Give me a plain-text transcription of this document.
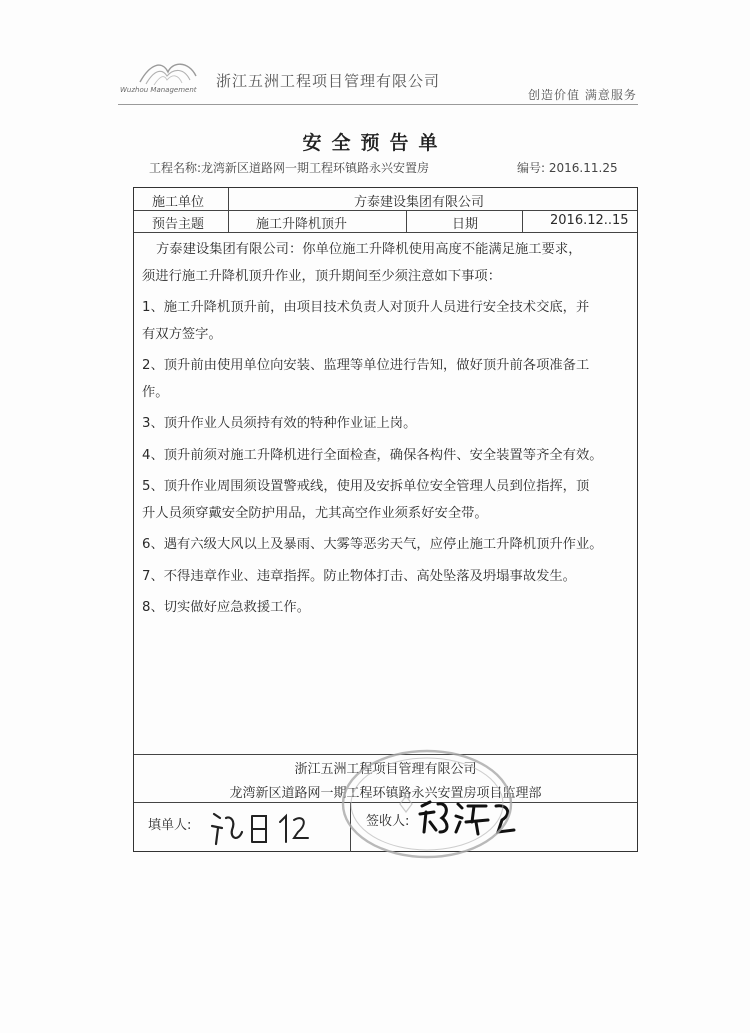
Wuzhou Management 浙江五洲工程项目管理有限公司
创造价值 满意服务
安全预告单
工程名称:龙湾新区道路网一期工程环镇路永兴安置房	编号: 2016.11.25
施工单位	方泰建设集团有限公司
预告主题	施工升降机顶升	日期	2016.12..15

方泰建设集团有限公司：你单位施工升降机使用高度不能满足施工要求，

须进行施工升降机顶升作业，顶升期间至少须注意如下事项：

1、施工升降机顶升前，由项目技术负责人对顶升人员进行安全技术交底，并

有双方签字。

2、顶升前由使用单位向安装、监理等单位进行告知，做好顶升前各项准备工

作。

3、顶升作业人员须持有效的特种作业证上岗。

4、顶升前须对施工升降机进行全面检查，确保各构件、安全装置等齐全有效。

5、顶升作业周围须设置警戒线，使用及安拆单位安全管理人员到位指挥，顶

升人员须穿戴安全防护用品，尤其高空作业须系好安全带。

6、遇有六级大风以上及暴雨、大雾等恶劣天气，应停止施工升降机顶升作业。

7、不得违章作业、违章指挥。防止物体打击、高处坠落及坍塌事故发生。

8、切实做好应急救援工作。

浙江五洲工程项目管理有限公司
龙湾新区道路网一期工程环镇路永兴安置房项目监理部
填单人:	签收人:
